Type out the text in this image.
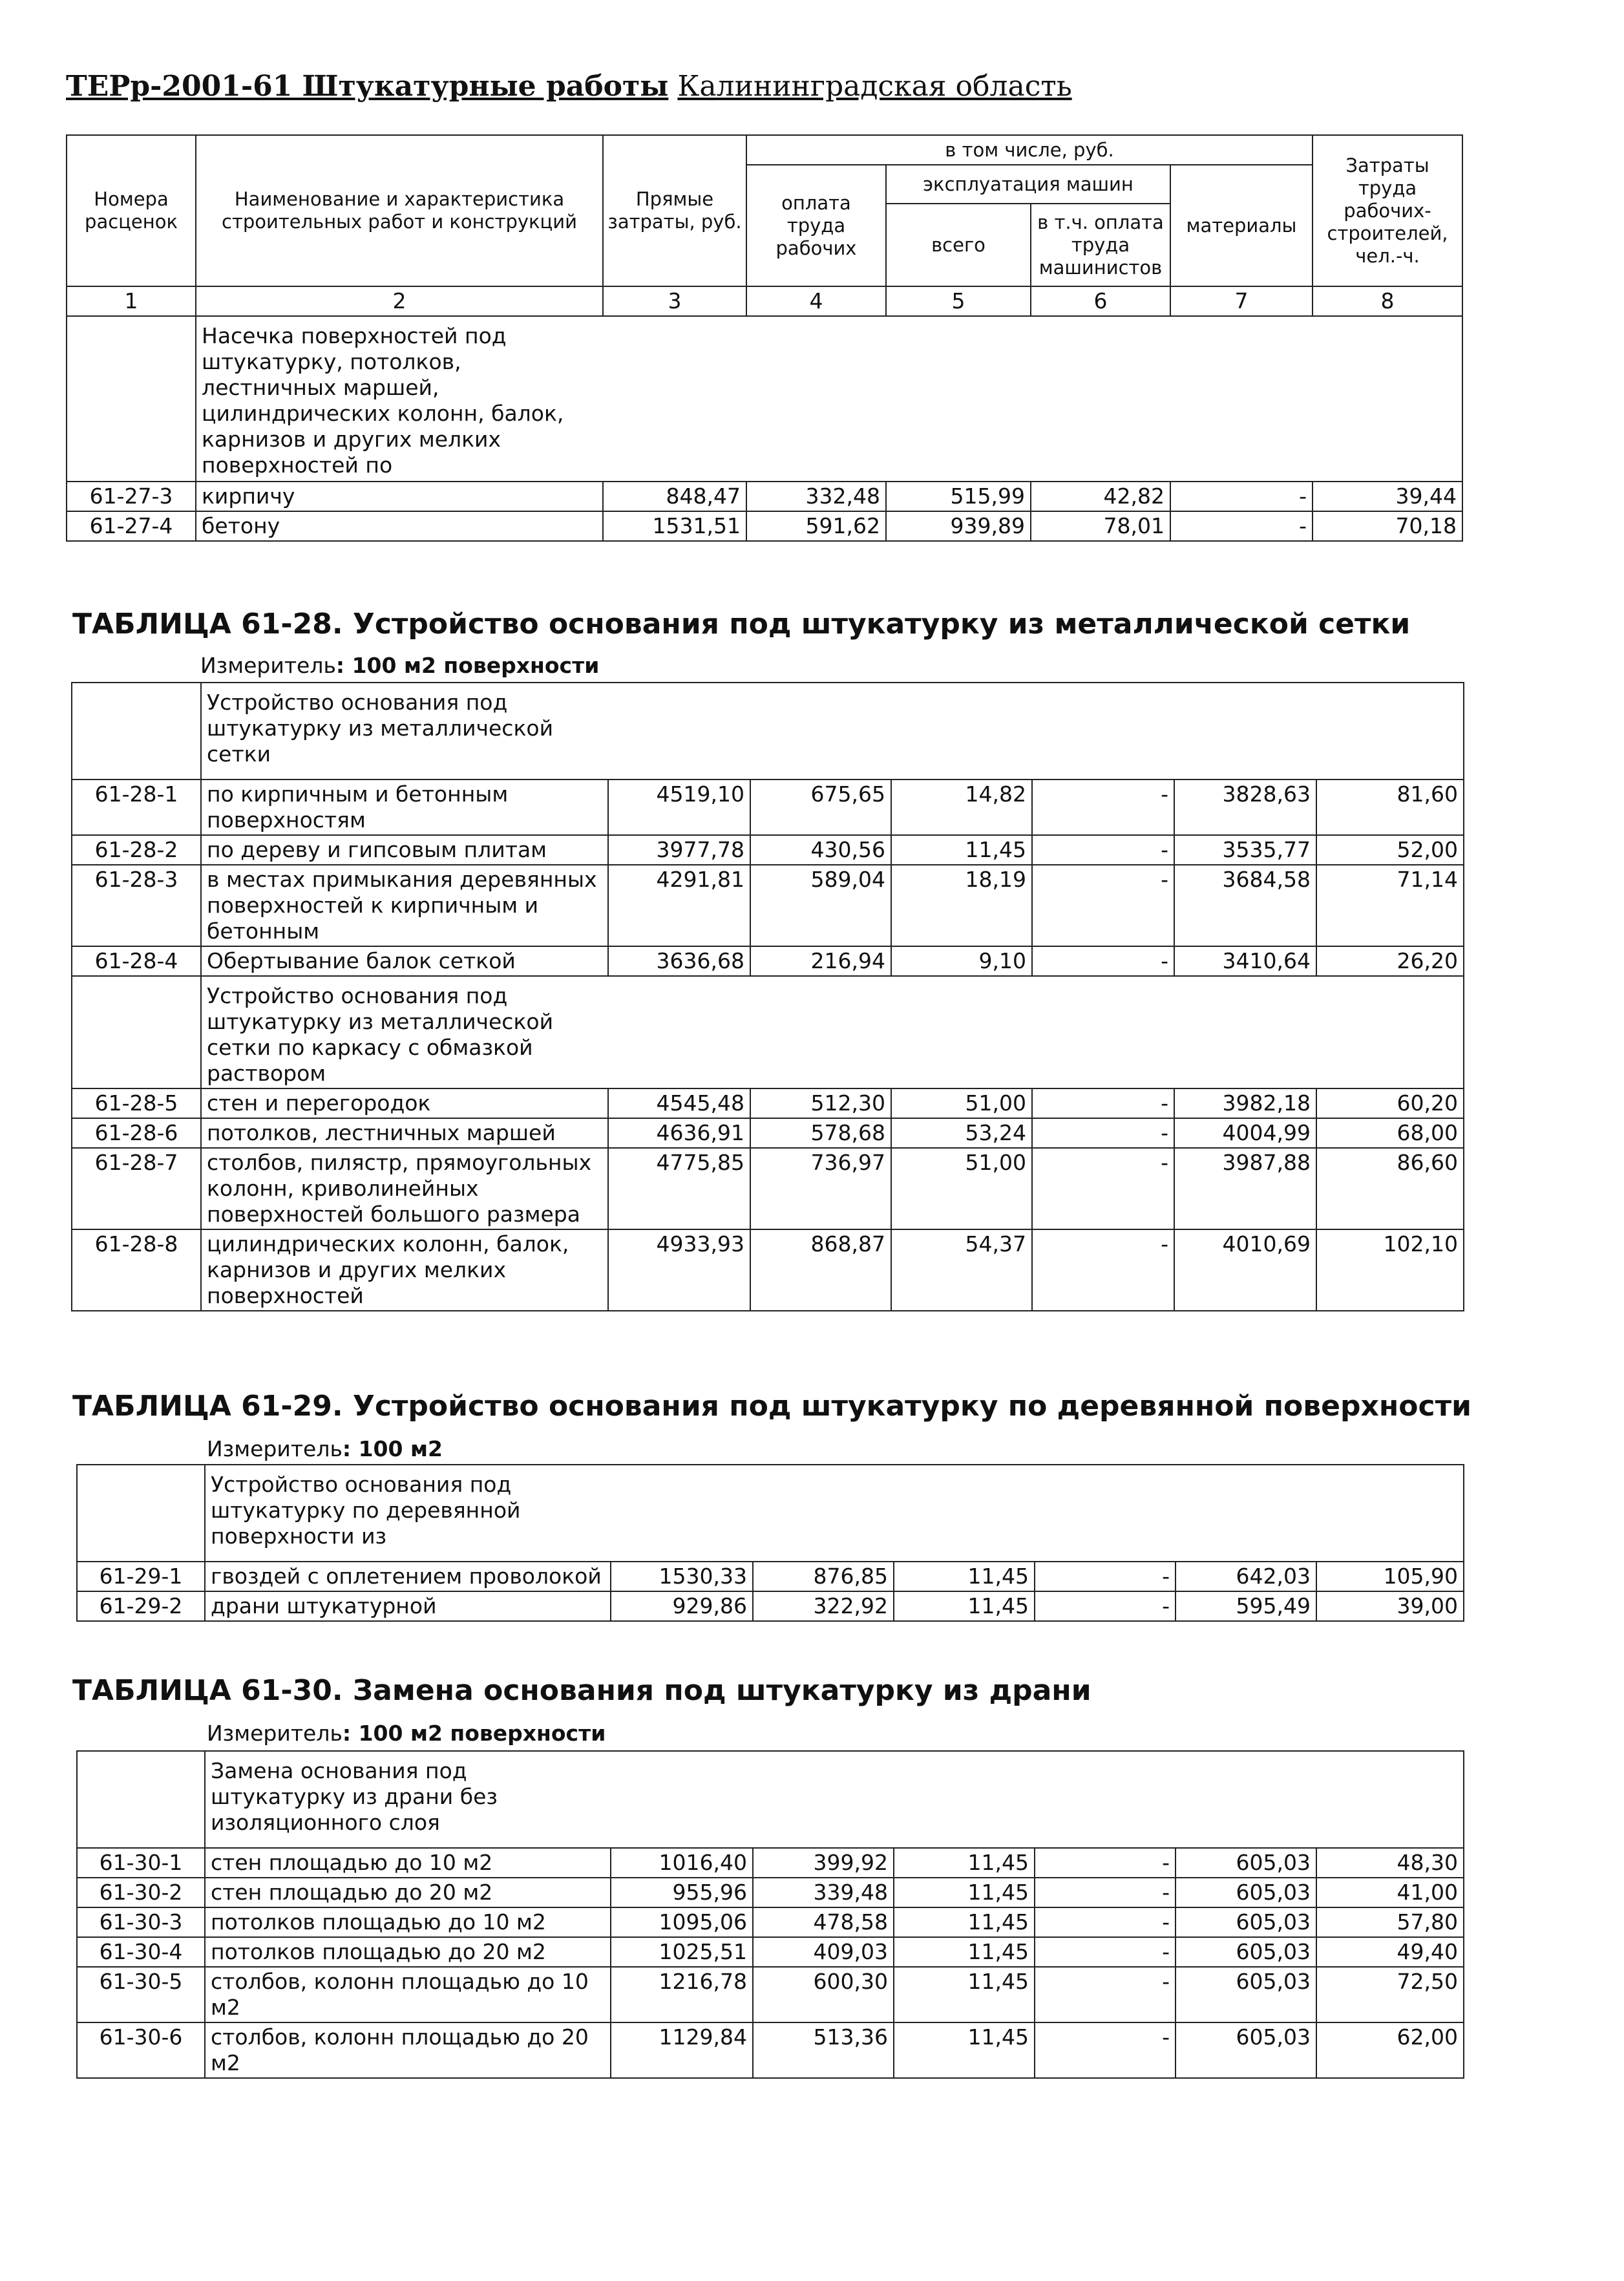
ТЕРр-2001-61 Штукатурные работы Калининградская область
Номера расценок	Наименование и характеристика строительных работ и конструкций	Прямые затраты, руб.	в том числе, руб.				Затраты труда рабочих-строителей, чел.-ч.
			оплата труда рабочих	эксплуатация машин		материалы	
				всего	в т.ч. оплата труда машинистов		
1	2	3	4	5	6	7	8

	Насечка поверхностей под штукатурку, потолков, лестничных маршей, цилиндрических колонн, балок, карнизов и других мелких поверхностей по						

61-27-3	кирпичу	848,47	332,48	515,99	42,82	-	39,44
61-27-4	бетону	1531,51	591,62	939,89	78,01	-	70,18
ТАБЛИЦА 61-28. Устройство основания под штукатурку из металлической сетки
Измеритель: 100 м2 поверхности

	Устройство основания под штукатурку из металлической сетки						

61-28-1	по кирпичным и бетонным поверхностям	4519,10	675,65	14,82	-	3828,63	81,60
61-28-2	по дереву и гипсовым плитам	3977,78	430,56	11,45	-	3535,77	52,00
61-28-3	в местах примыкания деревянных поверхностей к кирпичным и бетонным	4291,81	589,04	18,19	-	3684,58	71,14
61-28-4	Обертывание балок сеткой	3636,68	216,94	9,10	-	3410,64	26,20

	Устройство основания под штукатурку из металлической сетки по каркасу с обмазкой раствором						

61-28-5	стен и перегородок	4545,48	512,30	51,00	-	3982,18	60,20
61-28-6	потолков, лестничных маршей	4636,91	578,68	53,24	-	4004,99	68,00
61-28-7	столбов, пилястр, прямоугольных колонн, криволинейных поверхностей большого размера	4775,85	736,97	51,00	-	3987,88	86,60
61-28-8	цилиндрических колонн, балок, карнизов и других мелких поверхностей	4933,93	868,87	54,37	-	4010,69	102,10
ТАБЛИЦА 61-29. Устройство основания под штукатурку по деревянной поверхности
Измеритель: 100 м2

	Устройство основания под штукатурку по деревянной поверхности из						

61-29-1	гвоздей с оплетением проволокой	1530,33	876,85	11,45	-	642,03	105,90
61-29-2	драни штукатурной	929,86	322,92	11,45	-	595,49	39,00
ТАБЛИЦА 61-30. Замена основания под штукатурку из драни
Измеритель: 100 м2 поверхности

	Замена основания под штукатурку из драни без изоляционного слоя						

61-30-1	стен площадью до 10 м2	1016,40	399,92	11,45	-	605,03	48,30
61-30-2	стен площадью до 20 м2	955,96	339,48	11,45	-	605,03	41,00
61-30-3	потолков площадью до 10 м2	1095,06	478,58	11,45	-	605,03	57,80
61-30-4	потолков площадью до 20 м2	1025,51	409,03	11,45	-	605,03	49,40
61-30-5	столбов, колонн площадью до 10 м2	1216,78	600,30	11,45	-	605,03	72,50
61-30-6	столбов, колонн площадью до 20 м2	1129,84	513,36	11,45	-	605,03	62,00
